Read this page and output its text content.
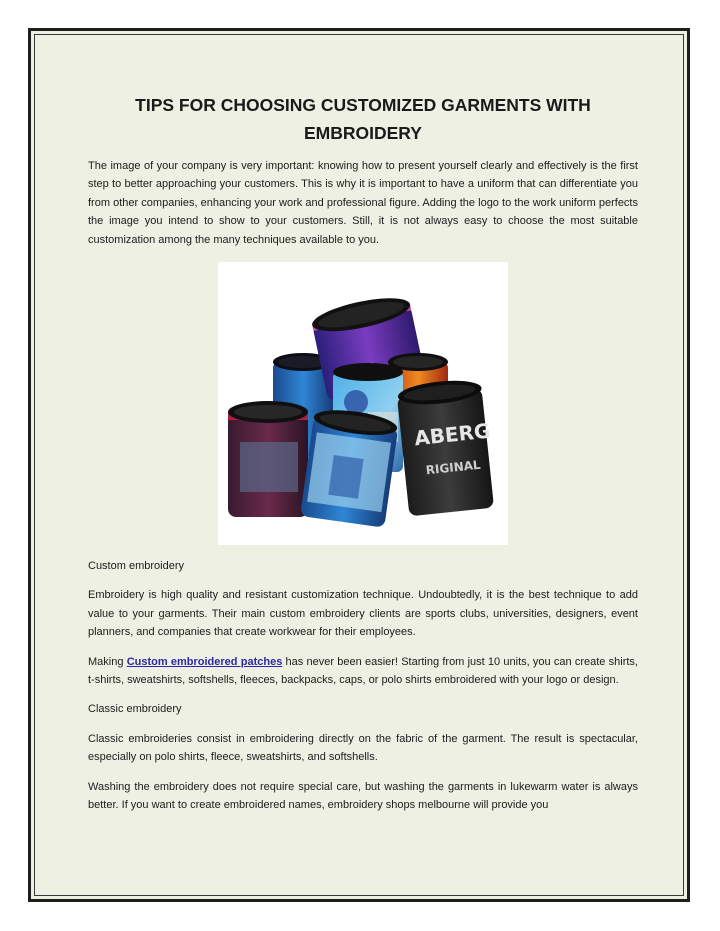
TIPS FOR CHOOSING CUSTOMIZED GARMENTS WITH
EMBROIDERY

The image of your company is very important: knowing how to present yourself clearly and effectively is the first step to better approaching your customers. This is why it is important to have a uniform that can differentiate you from other companies, enhancing your work and professional figure. Adding the logo to the work uniform perfects the image you intend to show to your customers. Still, it is not always easy to choose the most suitable customization among the many techniques available to you.

ABERG
RIGINAL

Custom embroidery

Embroidery is high quality and resistant customization technique. Undoubtedly, it is the best technique to add value to your garments. Their main custom embroidery clients are sports clubs, universities, designers, event planners, and companies that create workwear for their employees.

Making Custom embroidered patches has never been easier! Starting from just 10 units, you can create shirts, t-shirts, sweatshirts, softshells, fleeces, backpacks, caps, or polo shirts embroidered with your logo or design.

Classic embroidery

Classic embroideries consist in embroidering directly on the fabric of the garment. The result is spectacular, especially on polo shirts, fleece, sweatshirts, and softshells.

Washing the embroidery does not require special care, but washing the garments in lukewarm water is always better. If you want to create embroidered names, embroidery shops melbourne will provide you
